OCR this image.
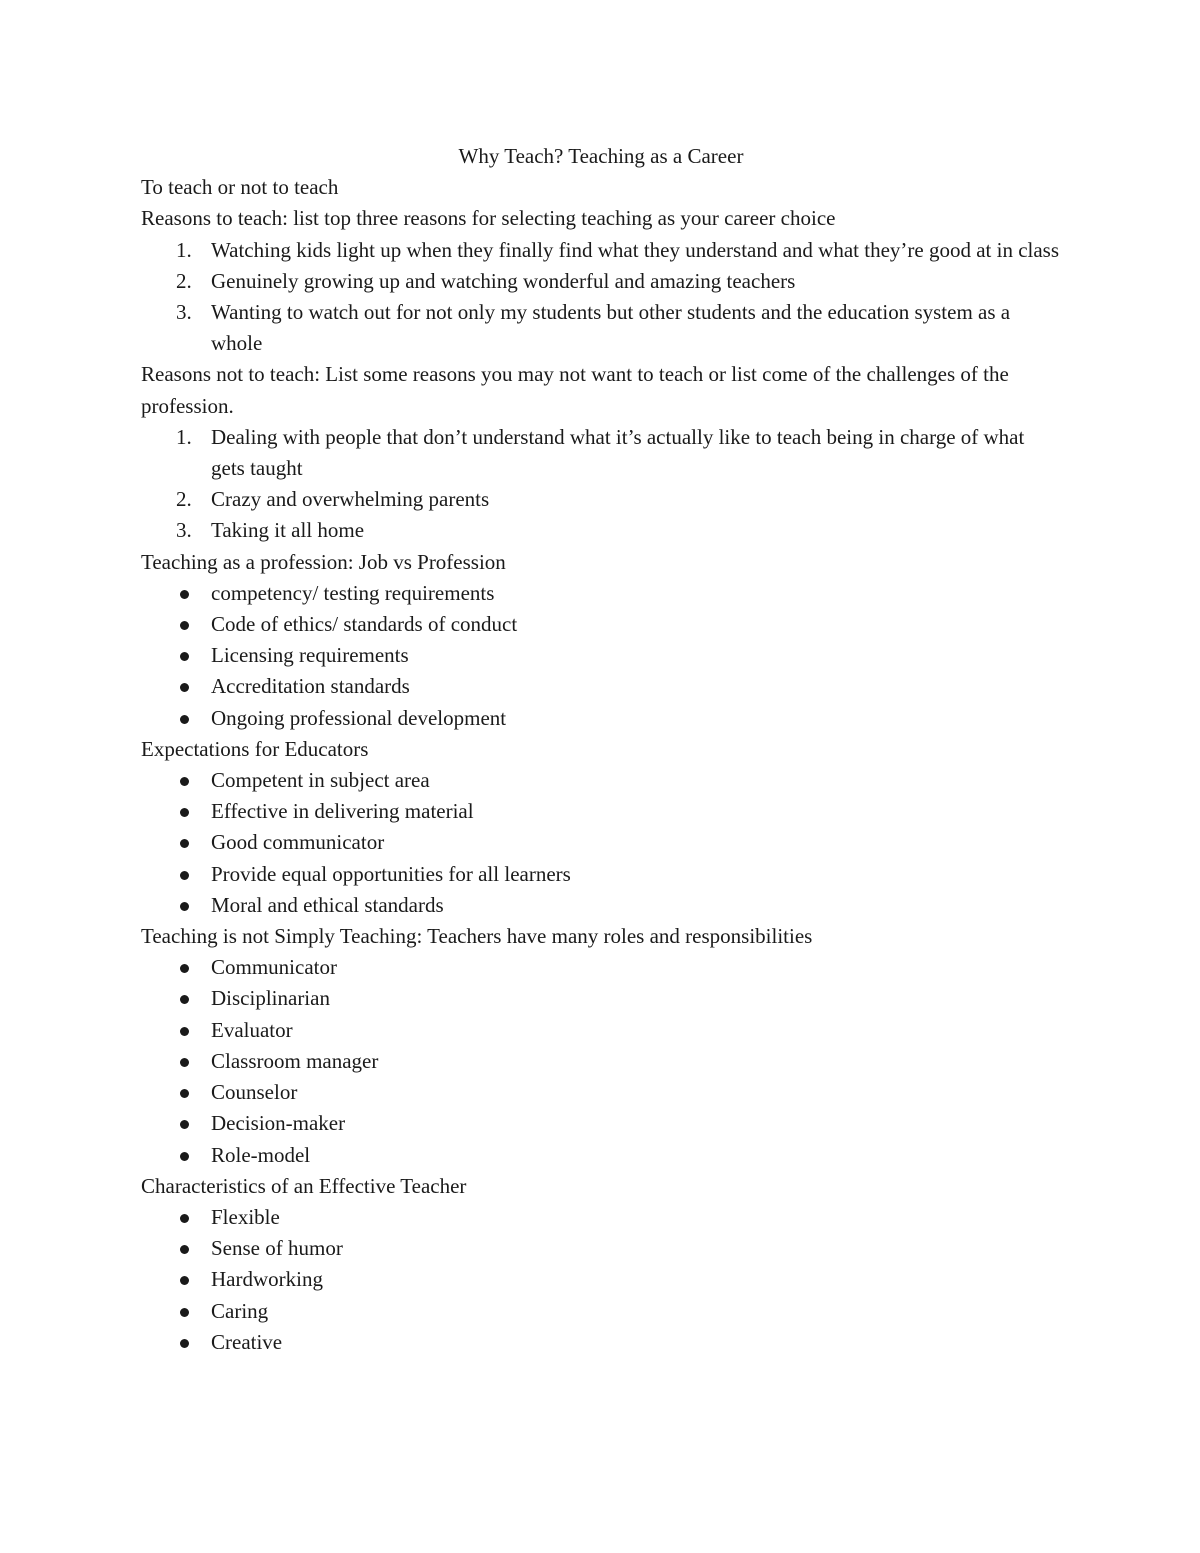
Why Teach? Teaching as a Career

To teach or not to teach

Reasons to teach: list top three reasons for selecting teaching as your career choice

1. Watching kids light up when they finally find what they understand and what they’re good at in class
2. Genuinely growing up and watching wonderful and amazing teachers
3. Wanting to watch out for not only my students but other students and the education system as a whole

Reasons not to teach: List some reasons you may not want to teach or list come of the challenges of the profession.

1. Dealing with people that don’t understand what it’s actually like to teach being in charge of what gets taught
2. Crazy and overwhelming parents
3. Taking it all home

Teaching as a profession: Job vs Profession

competency/ testing requirements
Code of ethics/ standards of conduct
Licensing requirements
Accreditation standards
Ongoing professional development

Expectations for Educators

Competent in subject area
Effective in delivering material
Good communicator
Provide equal opportunities for all learners
Moral and ethical standards

Teaching is not Simply Teaching: Teachers have many roles and responsibilities

Communicator
Disciplinarian
Evaluator
Classroom manager
Counselor
Decision-maker
Role-model

Characteristics of an Effective Teacher

Flexible
Sense of humor
Hardworking
Caring
Creative
